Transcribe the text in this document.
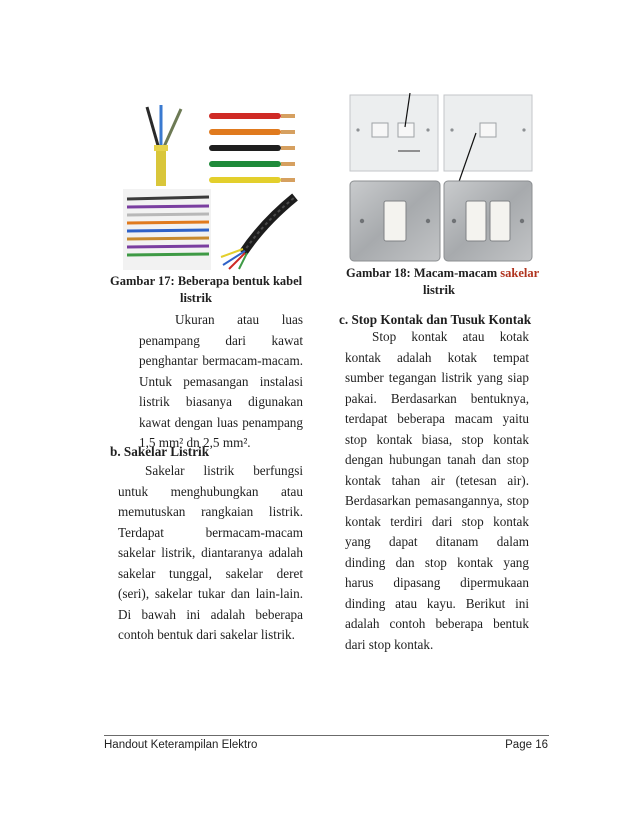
Gambar 17: Beberapa bentuk kabel
listrik
Gambar 18: Macam-macam sakelar
listrik
Ukuran atau luas
penampang dari kawat
penghantar bermacam-macam.
Untuk pemasangan instalasi
listrik biasanya digunakan
kawat dengan luas penampang
1,5 mm² dn 2,5 mm².
b. Sakelar Listrik
Sakelar listrik berfungsi
untuk menghubungkan atau
memutuskan rangkaian listrik.
Terdapat bermacam-macam
sakelar listrik, diantaranya adalah
sakelar tunggal, sakelar deret
(seri), sakelar tukar dan lain-lain.
Di bawah ini adalah beberapa
contoh bentuk dari sakelar listrik.
c. Stop Kontak dan Tusuk Kontak
Stop kontak atau kotak
kontak adalah kotak tempat
sumber tegangan listrik yang siap
pakai. Berdasarkan bentuknya,
terdapat beberapa macam yaitu
stop kontak biasa, stop kontak
dengan hubungan tanah dan stop
kontak tahan air (tetesan air).
Berdasarkan pemasangannya, stop
kontak terdiri dari stop kontak
yang dapat ditanam dalam
dinding dan stop kontak yang
harus dipasang dipermukaan
dinding atau kayu. Berikut ini
adalah contoh beberapa bentuk
dari stop kontak.
Handout Keterampilan Elektro	Page 16
